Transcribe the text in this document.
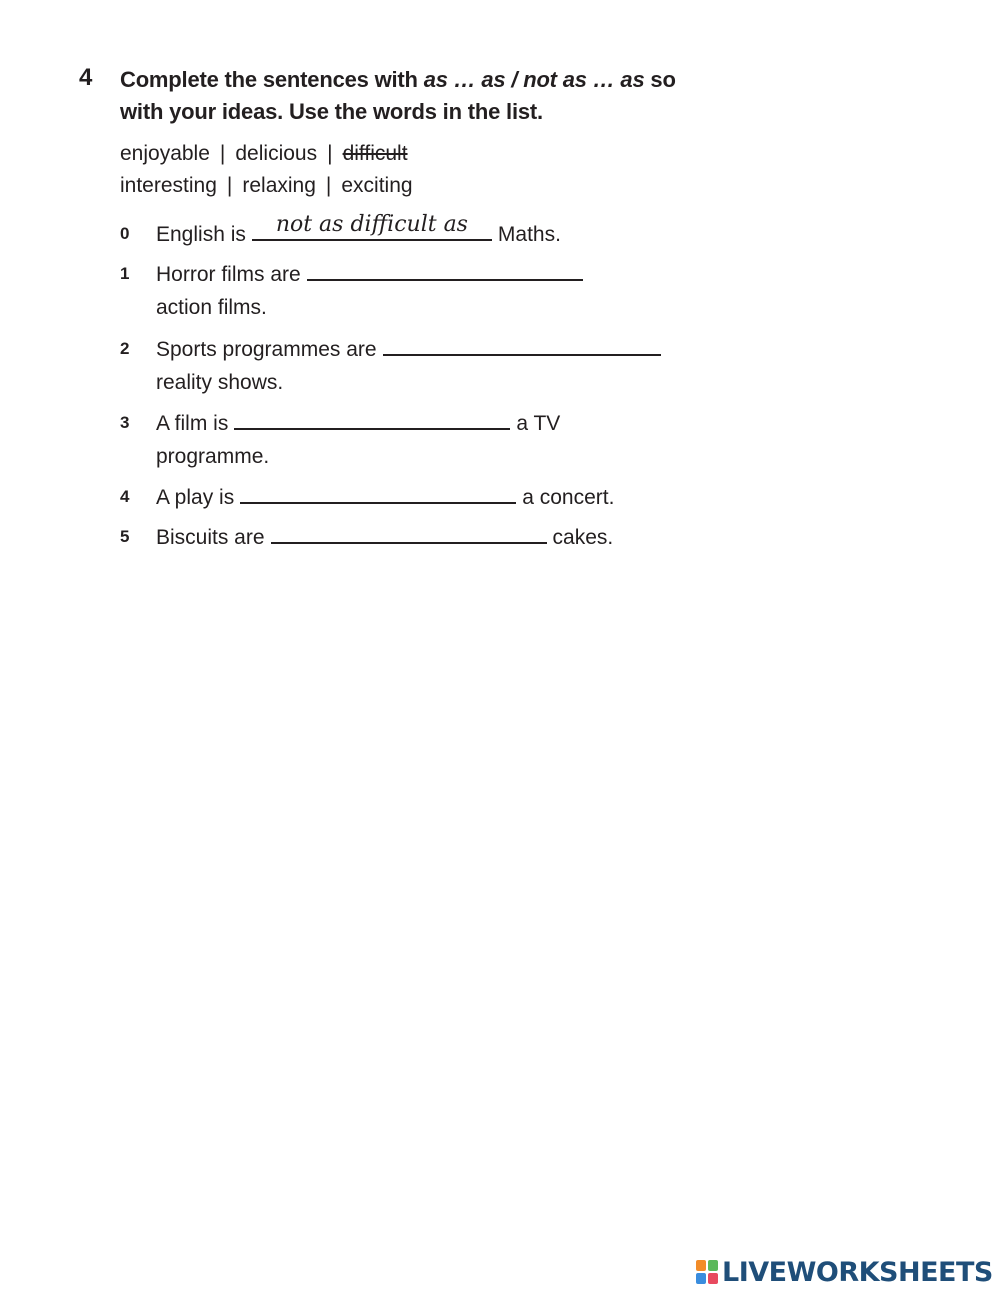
4 Complete the sentences with as … as / not as … as so with your ideas. Use the words in the list.
enjoyable | delicious | difficult
interesting | relaxing | exciting
0	English is	not as difficult as	Maths.
1	Horror films are
action films.
2	Sports programmes are
reality shows.
3	A film is	a TV
programme.
4	A play is	a concert.
5	Biscuits are	cakes.
LIVEWORKSHEETS
